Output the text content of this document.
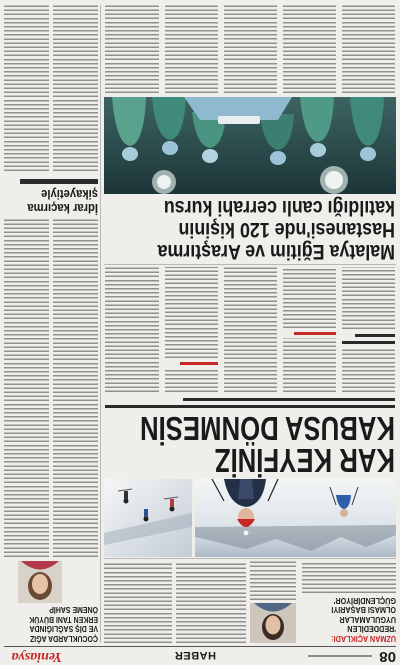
08
HABER
Yeniasya
UZMAN AÇIKLADI:
'REDDEDİLEN
UYGULAMALAR
OLMASI BAŞARIYI
GÜÇLENDİRİYOR'
KAR KEYFİNİZ
KABUSA DÖNMESİN
Malatya Eğitim ve Araştırma
Hastanesi'nde 120 kişinin
katıldığı canlı cerrahi kursu
ÇOCUKLARDA AĞIZ
VE DİŞ SAĞLIĞINDA
ERKEN TANI BÜYÜK
ÖNEME SAHİP
İdrar kaçırma
şikayetiyle
